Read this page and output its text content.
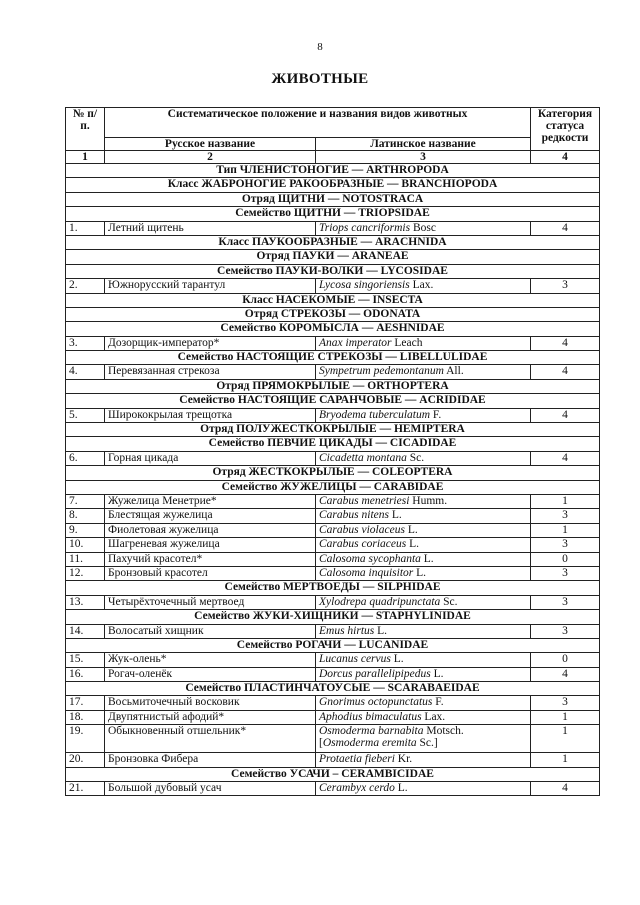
8
ЖИВОТНЫЕ
№ п/п.	Систематическое положение и названия видов животных		Категория статуса редкости
	Русское название	Латинское название	
1	2	3	4
Тип ЧЛЕНИСТОНОГИЕ — ARTHROPODA			
Класс ЖАБРОНОГИЕ РАКООБРАЗНЫЕ — BRANCHIOPODA			
Отряд ЩИТНИ — NOTOSTRACA			
Семейство ЩИТНИ — TRIOPSIDAE			
1.	Летний щитень	Triops cancriformis Bosc	4
Класс ПАУКООБРАЗНЫЕ — ARACHNIDA			
Отряд ПАУКИ — ARANEAE			
Семейство ПАУКИ-ВОЛКИ — LYCOSIDAE			
2.	Южнорусский тарантул	Lycosa singoriensis Lax.	3
Класс НАСЕКОМЫЕ — INSECTA			
Отряд СТРЕКОЗЫ — ODONATA			
Семейство КОРОМЫСЛА — AESHNIDAE			
3.	Дозорщик-император*	Anax imperator Leach	4
Семейство НАСТОЯЩИЕ СТРЕКОЗЫ — LIBELLULIDAE			
4.	Перевязанная стрекоза	Sympetrum pedemontanum All.	4
Отряд ПРЯМОКРЫЛЫЕ — ORTHOPTERA			
Семейство НАСТОЯЩИЕ САРАНЧОВЫЕ — ACRIDIDAE			
5.	Ширококрылая трещотка	Bryodema tuberculatum F.	4
Отряд ПОЛУЖЕСТКОКРЫЛЫЕ — HEMIPTERA			
Семейство ПЕВЧИЕ ЦИКАДЫ — CICADIDAE			
6.	Горная цикада	Cicadetta montana Sc.	4
Отряд ЖЕСТКОКРЫЛЫЕ — COLEOPTERA			
Семейство ЖУЖЕЛИЦЫ — CARABIDAE			
7.	Жужелица Менетрие*	Carabus menetriesi Humm.	1
8.	Блестящая жужелица	Carabus nitens L.	3
9.	Фиолетовая жужелица	Carabus violaceus L.	1
10.	Шагреневая жужелица	Carabus coriaceus L.	3
11.	Пахучий красотел*	Calosoma sycophanta L.	0
12.	Бронзовый красотел	Calosoma inquisitor L.	3
Семейство МЕРТВОЕДЫ — SILPHIDAE			
13.	Четырёхточечный мертвоед	Xylodrepa quadripunctata Sc.	3
Семейство ЖУКИ-ХИЩНИКИ — STAPHYLINIDAE			
14.	Волосатый хищник	Emus hirtus L.	3
Семейство РОГАЧИ — LUCANIDAE			
15.	Жук-олень*	Lucanus cervus L.	0
16.	Рогач-оленёк	Dorcus parallelipipedus L.	4
Семейство ПЛАСТИНЧАТОУСЫЕ — SCARABAEIDAE			
17.	Восьмиточечный восковик	Gnorimus octopunctatus F.	3
18.	Двупятнистый афодий*	Aphodius bimaculatus Lax.	1
19.	Обыкновенный отшельник*	Osmoderma barnabita Motsch.
[Osmoderma eremita Sc.]	1
20.	Бронзовка Фибера	Protaetia fieberi Kr.	1
Семейство УСАЧИ – CERAMBICIDAE			
21.	Большой дубовый усач	Cerambyx cerdo L.	4
